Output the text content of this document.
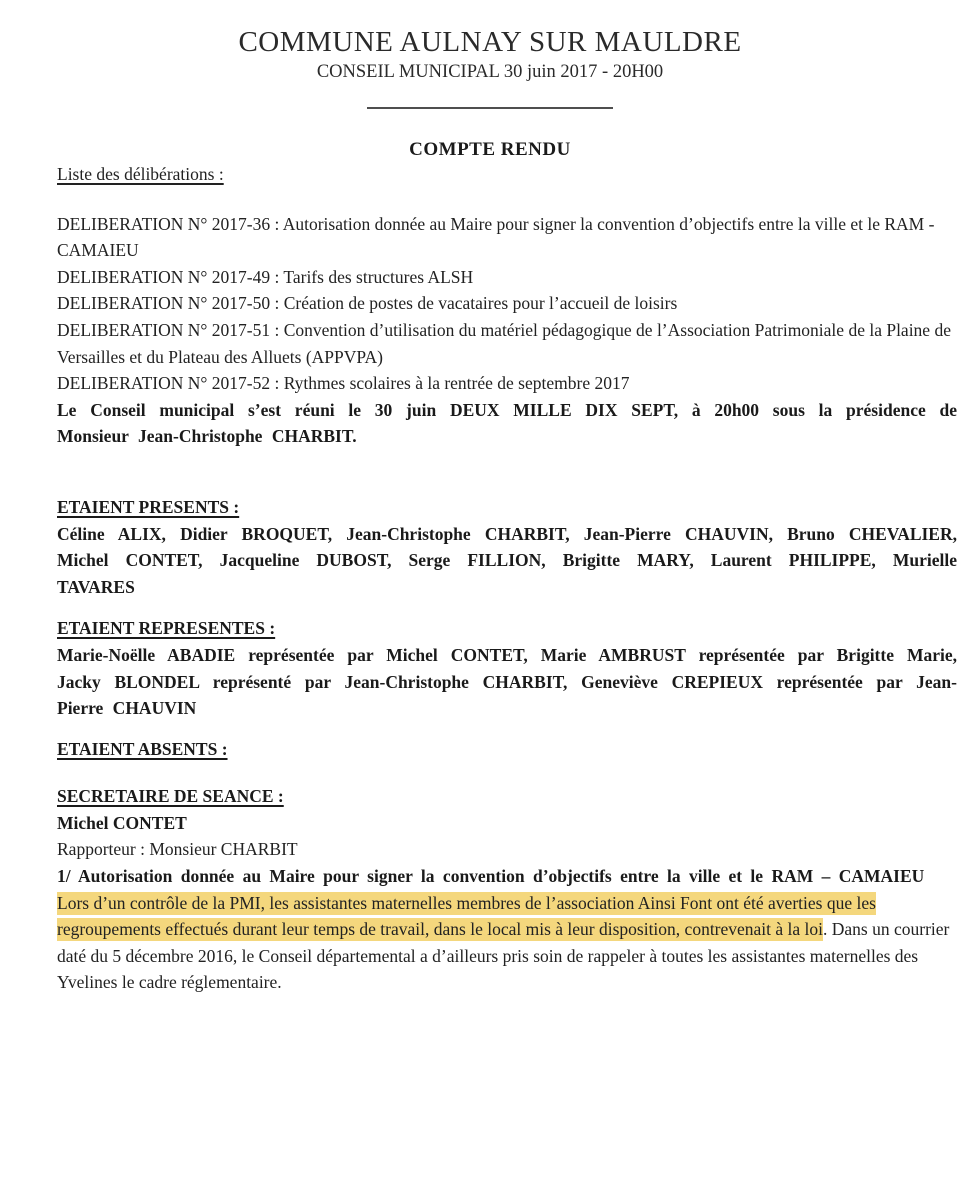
COMMUNE AULNAY SUR MAULDRE
CONSEIL MUNICIPAL 30 juin 2017 - 20H00
COMPTE RENDU

Liste des délibérations :

DELIBERATION N° 2017-36 : Autorisation donnée au Maire pour signer la convention d’objectifs entre la ville et le RAM - CAMAIEU

DELIBERATION N° 2017-49 : Tarifs des structures ALSH

DELIBERATION N° 2017-50 : Création de postes de vacataires pour l’accueil de loisirs

DELIBERATION N° 2017-51 : Convention d’utilisation du matériel pédagogique de l’Association Patrimoniale de la Plaine de Versailles et du Plateau des Alluets (APPVPA)

DELIBERATION N° 2017-52 : Rythmes scolaires à la rentrée de septembre 2017

Le Conseil municipal s’est réuni le 30 juin DEUX MILLE DIX SEPT, à 20h00 sous la présidence de Monsieur Jean-Christophe CHARBIT.

ETAIENT PRESENTS :

Céline ALIX, Didier BROQUET, Jean-Christophe CHARBIT, Jean-Pierre CHAUVIN, Bruno CHEVALIER, Michel CONTET, Jacqueline DUBOST, Serge FILLION, Brigitte MARY, Laurent PHILIPPE, Murielle TAVARES

ETAIENT REPRESENTES :

Marie-Noëlle ABADIE représentée par Michel CONTET, Marie AMBRUST représentée par Brigitte Marie, Jacky BLONDEL représenté par Jean-Christophe CHARBIT, Geneviève CREPIEUX représentée par Jean-Pierre CHAUVIN

ETAIENT ABSENTS :

SECRETAIRE DE SEANCE :

Michel CONTET

Rapporteur : Monsieur CHARBIT

1/ Autorisation donnée au Maire pour signer la convention d’objectifs entre la ville et le RAM – CAMAIEU

Lors d’un contrôle de la PMI, les assistantes maternelles membres de l’association Ainsi Font ont été averties que les regroupements effectués durant leur temps de travail, dans le local mis à leur disposition, contrevenait à la loi. Dans un courrier daté du 5 décembre 2016, le Conseil départemental a d’ailleurs pris soin de rappeler à toutes les assistantes maternelles des Yvelines le cadre réglementaire.
